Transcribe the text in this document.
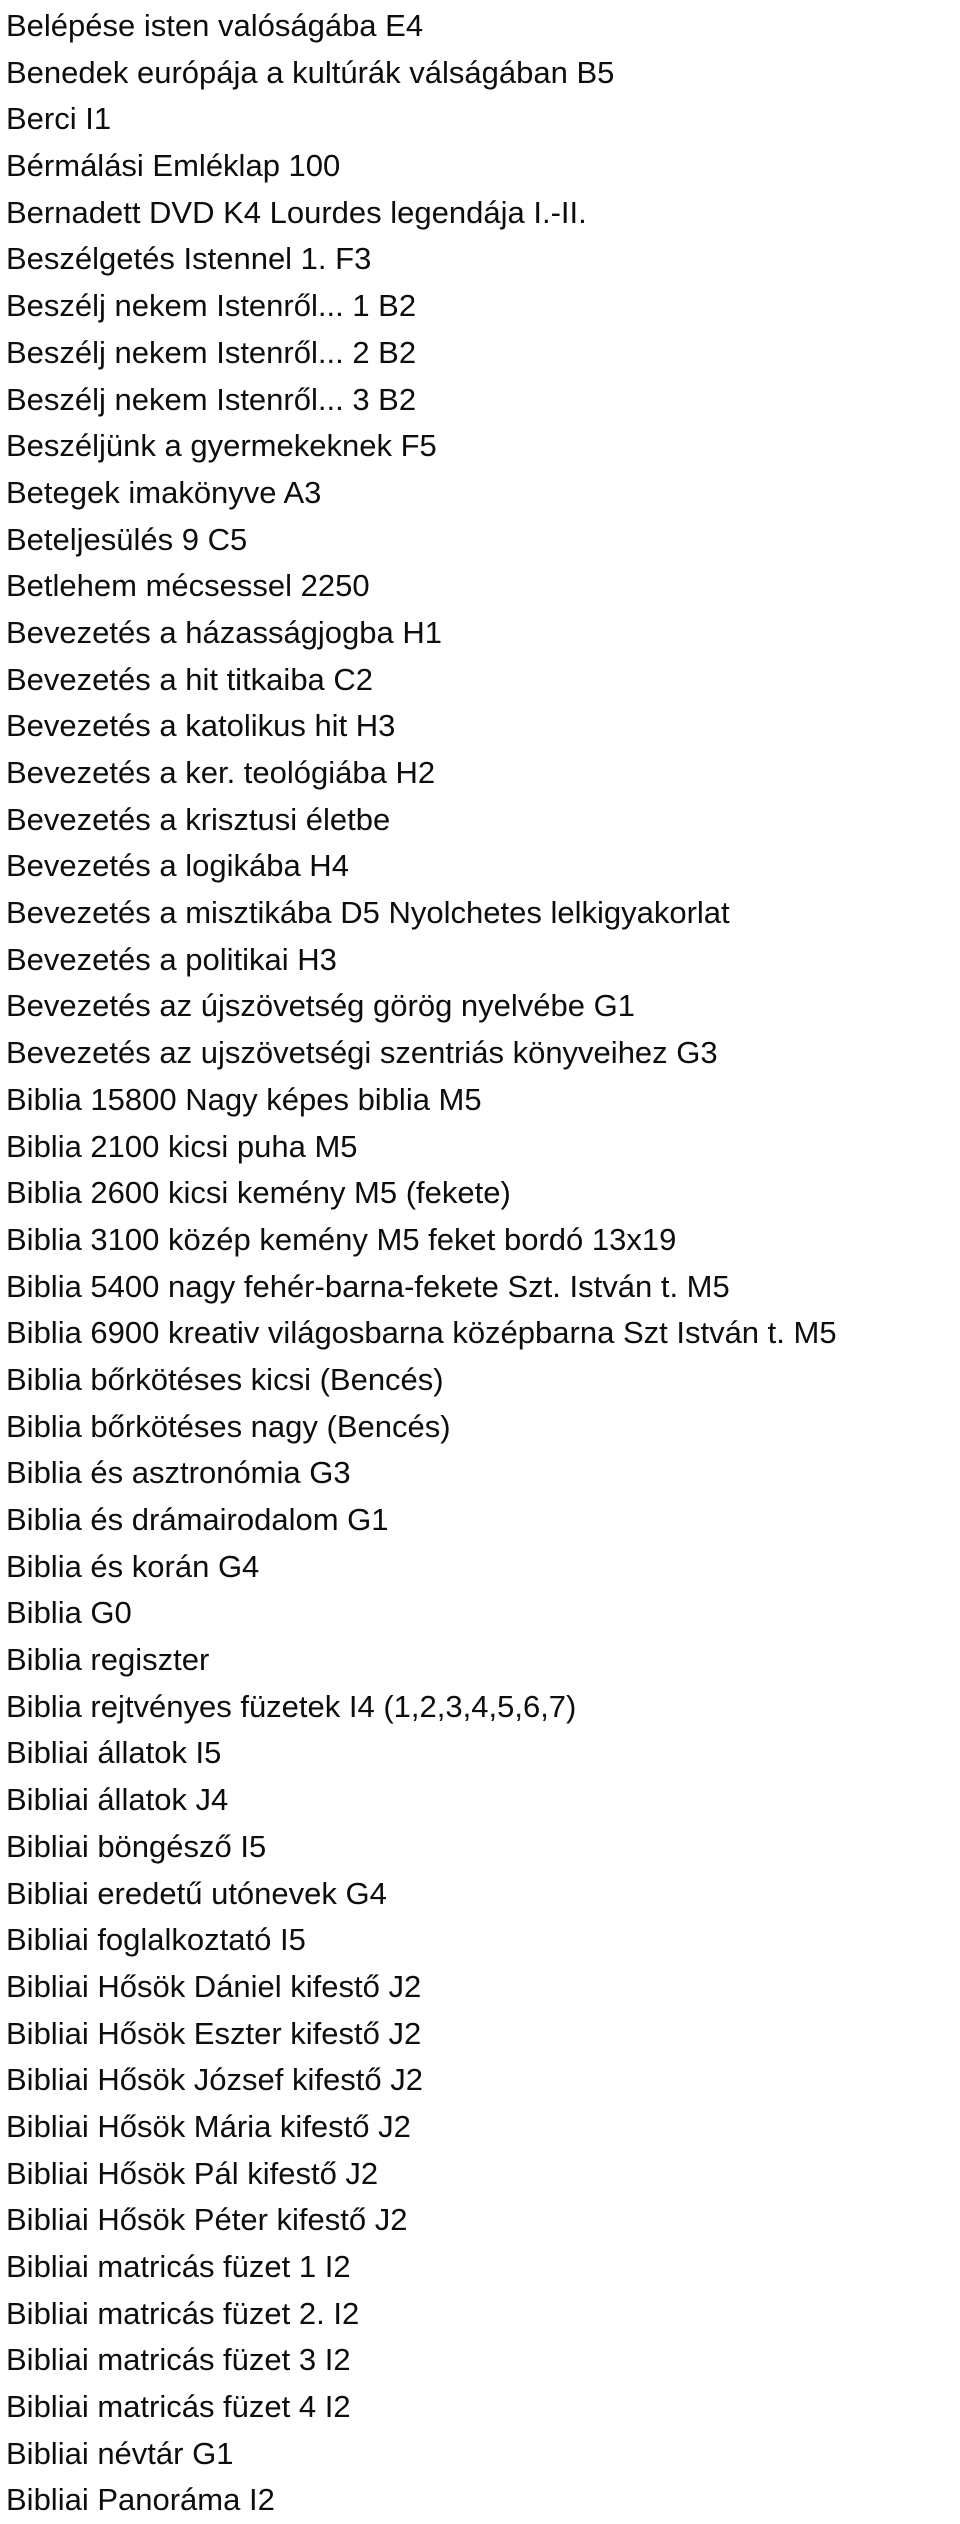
Belépése isten valóságába E4
Benedek európája a kultúrák válságában B5
Berci I1
Bérmálási Emléklap 100
Bernadett DVD K4 Lourdes legendája I.-II.
Beszélgetés Istennel 1. F3
Beszélj nekem Istenről... 1 B2
Beszélj nekem Istenről... 2 B2
Beszélj nekem Istenről... 3 B2
Beszéljünk a gyermekeknek F5
Betegek imakönyve A3
Beteljesülés 9 C5
Betlehem mécsessel 2250
Bevezetés a házasságjogba H1
Bevezetés a hit titkaiba C2
Bevezetés a katolikus hit H3
Bevezetés a ker. teológiába H2
Bevezetés a krisztusi életbe
Bevezetés a logikába H4
Bevezetés a misztikába D5 Nyolchetes lelkigyakorlat
Bevezetés a politikai H3
Bevezetés az újszövetség görög nyelvébe G1
Bevezetés az ujszövetségi szentriás könyveihez G3
Biblia 15800 Nagy képes biblia M5
Biblia 2100 kicsi puha M5
Biblia 2600 kicsi kemény M5 (fekete)
Biblia 3100 közép kemény M5 feket bordó 13x19
Biblia 5400 nagy fehér-barna-fekete Szt. István t. M5
Biblia 6900 kreativ világosbarna középbarna Szt István t. M5
Biblia bőrkötéses kicsi (Bencés)
Biblia bőrkötéses nagy (Bencés)
Biblia és asztronómia G3
Biblia és drámairodalom G1
Biblia és korán G4
Biblia G0
Biblia regiszter
Biblia rejtvényes füzetek I4 (1,2,3,4,5,6,7)
Bibliai állatok I5
Bibliai állatok J4
Bibliai böngésző I5
Bibliai eredetű utónevek G4
Bibliai foglalkoztató I5
Bibliai Hősök Dániel kifestő J2
Bibliai Hősök Eszter kifestő J2
Bibliai Hősök József kifestő J2
Bibliai Hősök Mária kifestő J2
Bibliai Hősök Pál kifestő J2
Bibliai Hősök Péter kifestő J2
Bibliai matricás füzet 1 I2
Bibliai matricás füzet 2. I2
Bibliai matricás füzet 3 I2
Bibliai matricás füzet 4 I2
Bibliai névtár G1
Bibliai Panoráma I2
